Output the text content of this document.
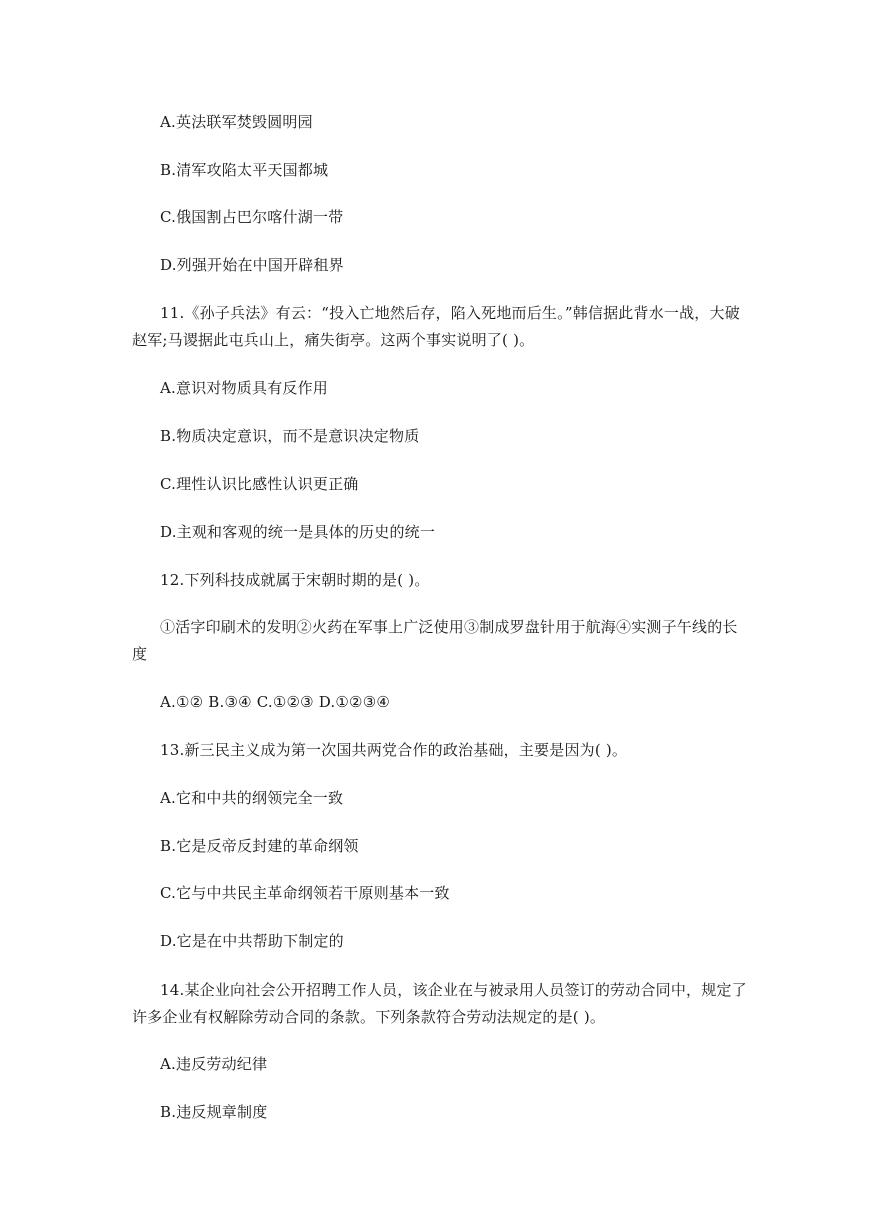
A.英法联军焚毁圆明园
B.清军攻陷太平天国都城
C.俄国割占巴尔喀什湖一带
D.列强开始在中国开辟租界
11.《孙子兵法》有云：“投入亡地然后存，陷入死地而后生。”韩信据此背水一战，大破赵军;马谡据此屯兵山上，痛失街亭。这两个事实说明了( )。
A.意识对物质具有反作用
B.物质决定意识，而不是意识决定物质
C.理性认识比感性认识更正确
D.主观和客观的统一是具体的历史的统一
12.下列科技成就属于宋朝时期的是( )。
①活字印刷术的发明②火药在军事上广泛使用③制成罗盘针用于航海④实测子午线的长度
A.①② B.③④ C.①②③ D.①②③④
13.新三民主义成为第一次国共两党合作的政治基础，主要是因为( )。
A.它和中共的纲领完全一致
B.它是反帝反封建的革命纲领
C.它与中共民主革命纲领若干原则基本一致
D.它是在中共帮助下制定的
14.某企业向社会公开招聘工作人员，该企业在与被录用人员签订的劳动合同中，规定了许多企业有权解除劳动合同的条款。下列条款符合劳动法规定的是( )。
A.违反劳动纪律
B.违反规章制度
